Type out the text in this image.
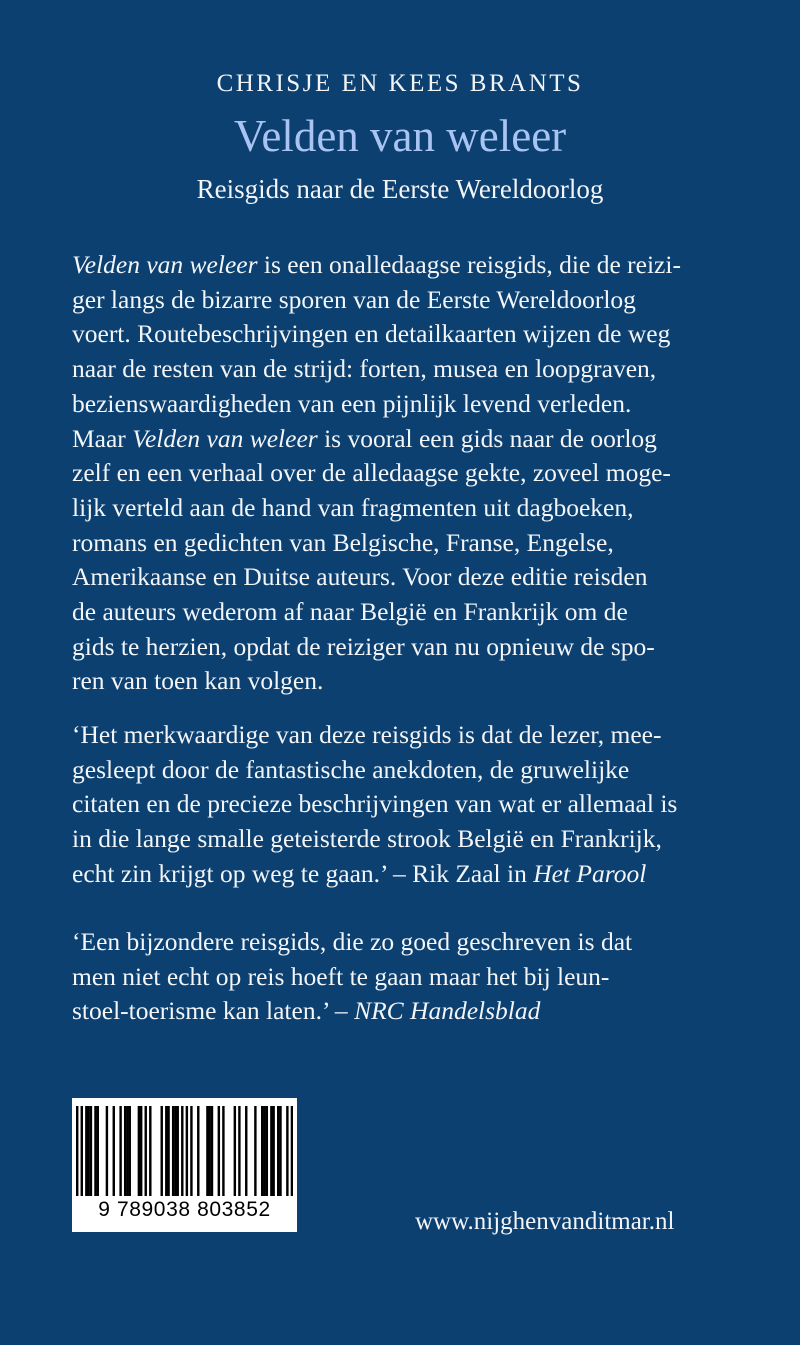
CHRISJE EN KEES BRANTS
Velden van weleer
Reisgids naar de Eerste Wereldoorlog
Velden van weleer is een onalledaagse reisgids, die de reizi-
ger langs de bizarre sporen van de Eerste Wereldoorlog
voert. Routebeschrijvingen en detailkaarten wijzen de weg
naar de resten van de strijd: forten, musea en loopgraven,
bezienswaardigheden van een pijnlijk levend verleden.
Maar Velden van weleer is vooral een gids naar de oorlog
zelf en een verhaal over de alledaagse gekte, zoveel moge-
lijk verteld aan de hand van fragmenten uit dagboeken,
romans en gedichten van Belgische, Franse, Engelse,
Amerikaanse en Duitse auteurs. Voor deze editie reisden
de auteurs wederom af naar België en Frankrijk om de
gids te herzien, opdat de reiziger van nu opnieuw de spo-
ren van toen kan volgen.
‘Het merkwaardige van deze reisgids is dat de lezer, mee-
gesleept door de fantastische anekdoten, de gruwelijke
citaten en de precieze beschrijvingen van wat er allemaal is
in die lange smalle geteisterde strook België en Frankrijk,
echt zin krijgt op weg te gaan.’ – Rik Zaal in Het Parool
‘Een bijzondere reisgids, die zo goed geschreven is dat
men niet echt op reis hoeft te gaan maar het bij leun-
stoel-toerisme kan laten.’ – NRC Handelsblad
9 789038 803852	www.nijghenvanditmar.nl
